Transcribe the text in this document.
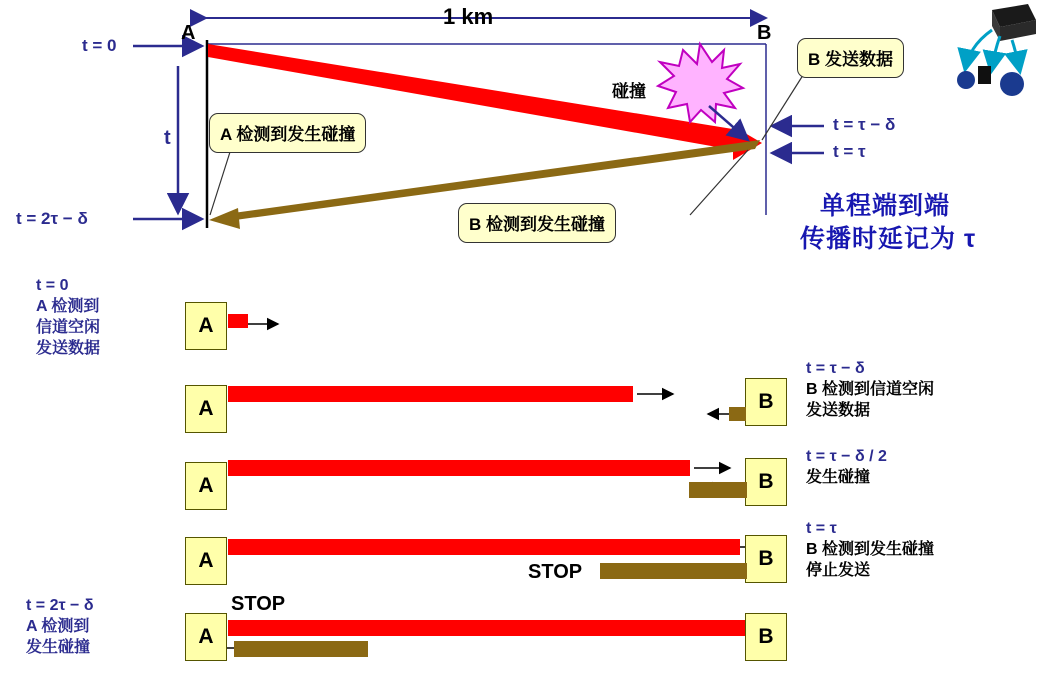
1 km
A	B
t = 0
t
t = 2τ − δ
t = τ − δ
t = τ
碰撞
B 发送数据
A 检测到发生碰撞
B 检测到发生碰撞
单程端到端
传播时延记为 τ
A
A	B
A	B
A	B
STOP
A	B
STOP
t = 0
A 检测到
信道空闲
发送数据
t = 2τ − δ
A 检测到
发生碰撞
t = τ − δ
B 检测到信道空闲
发送数据
t = τ − δ / 2
发生碰撞
t = τ
B 检测到发生碰撞
停止发送
